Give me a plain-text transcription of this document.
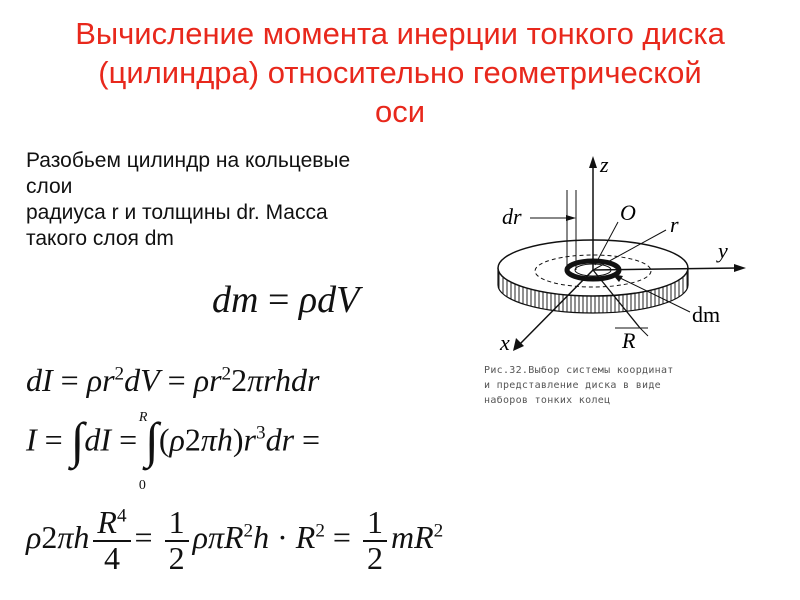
Вычисление момента инерции тонкого диска
(цилиндра) относительно геометрической
оси
Разобьем цилиндр на кольцевые
слои
радиуса r и толщины dr. Масса
такого слоя dm
dm = ρdV
dI = $\rho r^2dV$ = $\rho r^22\pi rhdr$
I = ∫dI = ∫
R
0
$(\rho 2\pi h)r^3dr$ =
$\rho 2\pi h \frac{R^4}{4} = \frac{1}{2} \rho\pi R^2h \cdot R^2 = \frac{1}{2} mR^2$
z
dr	O r
y
dm
x	R
Рис.32.Выбор системы координат
и представление диска в виде
наборов тонких колец
